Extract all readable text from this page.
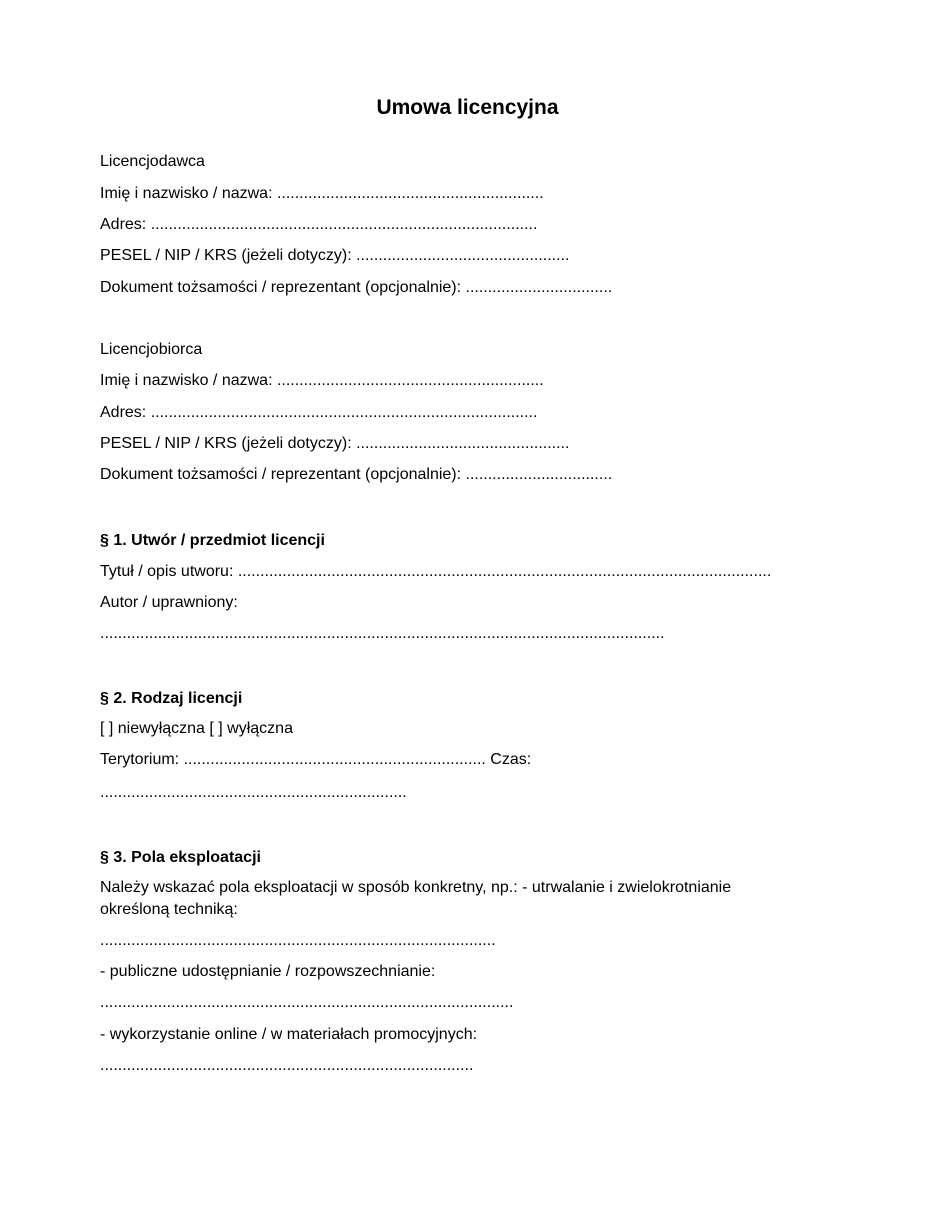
Umowa licencyjna
Licencjodawca
Imię i nazwisko / nazwa: ............................................................
Adres: .......................................................................................
PESEL / NIP / KRS (jeżeli dotyczy): ................................................
Dokument tożsamości / reprezentant (opcjonalnie): .................................
Licencjobiorca
Imię i nazwisko / nazwa: ............................................................
Adres: .......................................................................................
PESEL / NIP / KRS (jeżeli dotyczy): ................................................
Dokument tożsamości / reprezentant (opcjonalnie): .................................
§ 1. Utwór / przedmiot licencji
Tytuł / opis utworu: ........................................................................................................................
Autor / uprawniony:
...............................................................................................................................
§ 2. Rodzaj licencji
[ ] niewyłączna [ ] wyłączna
Terytorium: .................................................................... Czas:
.....................................................................
§ 3. Pola eksploatacji
Należy wskazać pola eksploatacji w sposób konkretny, np.: - utrwalanie i zwielokrotnianie określoną techniką:
.........................................................................................
- publiczne udostępnianie / rozpowszechnianie:
.............................................................................................
- wykorzystanie online / w materiałach promocyjnych:
....................................................................................
